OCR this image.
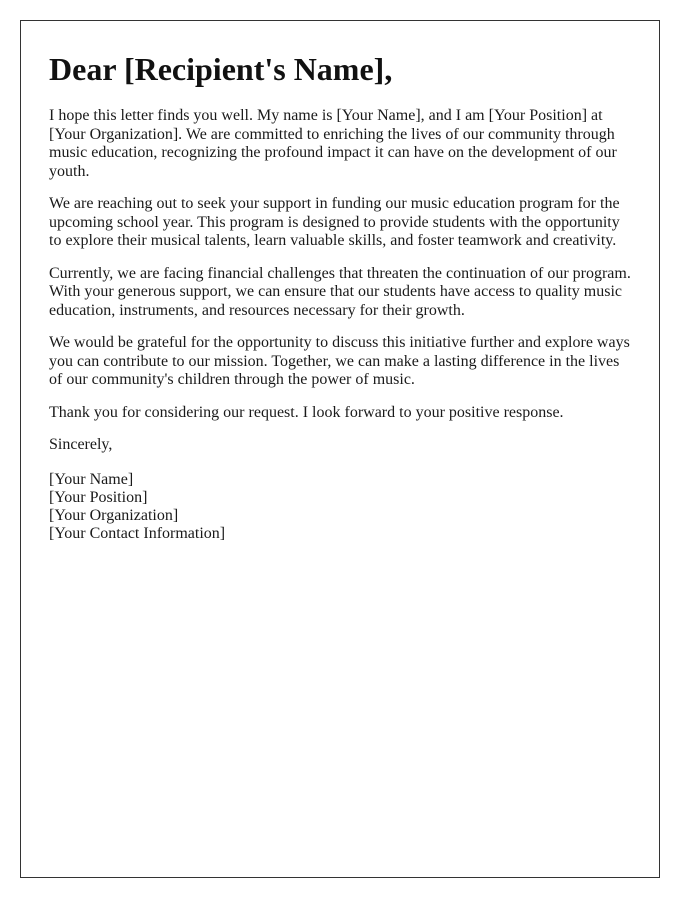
Dear [Recipient's Name],

I hope this letter finds you well. My name is [Your Name], and I am [Your Position] at [Your Organization]. We are committed to enriching the lives of our community through music education, recognizing the profound impact it can have on the development of our youth.

We are reaching out to seek your support in funding our music education program for the upcoming school year. This program is designed to provide students with the opportunity to explore their musical talents, learn valuable skills, and foster teamwork and creativity.

Currently, we are facing financial challenges that threaten the continuation of our program. With your generous support, we can ensure that our students have access to quality music education, instruments, and resources necessary for their growth.

We would be grateful for the opportunity to discuss this initiative further and explore ways you can contribute to our mission. Together, we can make a lasting difference in the lives of our community's children through the power of music.

Thank you for considering our request. I look forward to your positive response.

Sincerely,

[Your Name]
[Your Position]
[Your Organization]
[Your Contact Information]
